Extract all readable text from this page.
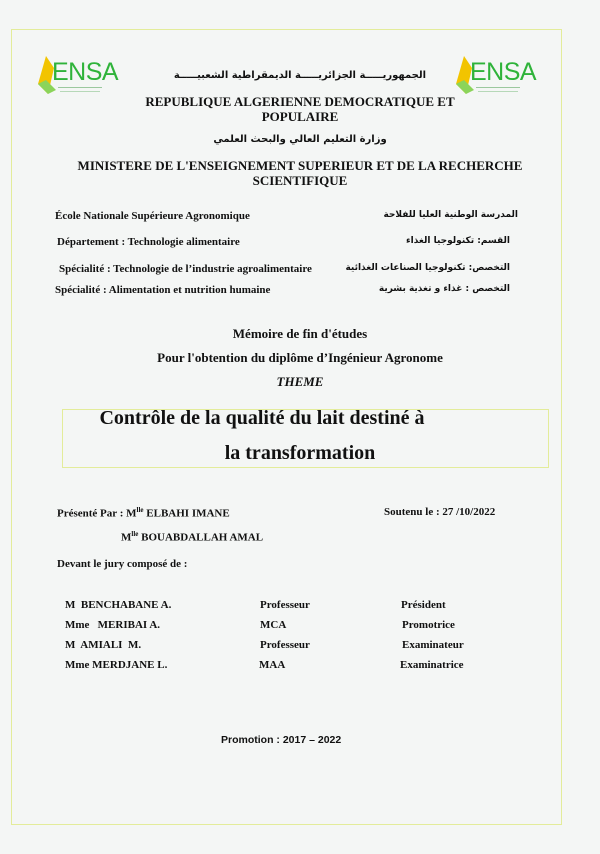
ENSA	ENSA
الجمهوريـــــة الجزائريـــــة الديمقراطية الشعبيـــــة
REPUBLIQUE ALGERIENNE DEMOCRATIQUE ET
POPULAIRE
وزارة التعليم العالي والبحث العلمي
MINISTERE DE L'ENSEIGNEMENT SUPERIEUR ET DE LA RECHERCHE
SCIENTIFIQUE
École Nationale Supérieure Agronomique	المدرسة الوطنية العليا للفلاحة
Département : Technologie alimentaire	القسم: تكنولوجيا الغذاء
Spécialité : Technologie de l’industrie agroalimentaire	التخصص: تكنولوجيا الصناعات الغذائية
Spécialité : Alimentation et nutrition humaine	التخصص : غذاء و تغذية بشرية
Mémoire de fin d'études
Pour l'obtention du diplôme d’Ingénieur Agronome
THEME
Contrôle de la qualité du lait destiné à
la transformation
Présenté Par : $M^{lle}$ ELBAHI IMANE	Soutenu le : 27 /10/2022
$M^{lle}$ BOUABDALLAH AMAL
Devant le jury composé de :
M  BENCHABANE A.	Professeur	Président
Mme   MERIBAI A.	MCA	Promotrice
M  AMIALI  M.	Professeur	Examinateur
Mme MERDJANE L.	MAA	Examinatrice
Promotion : 2017 – 2022
